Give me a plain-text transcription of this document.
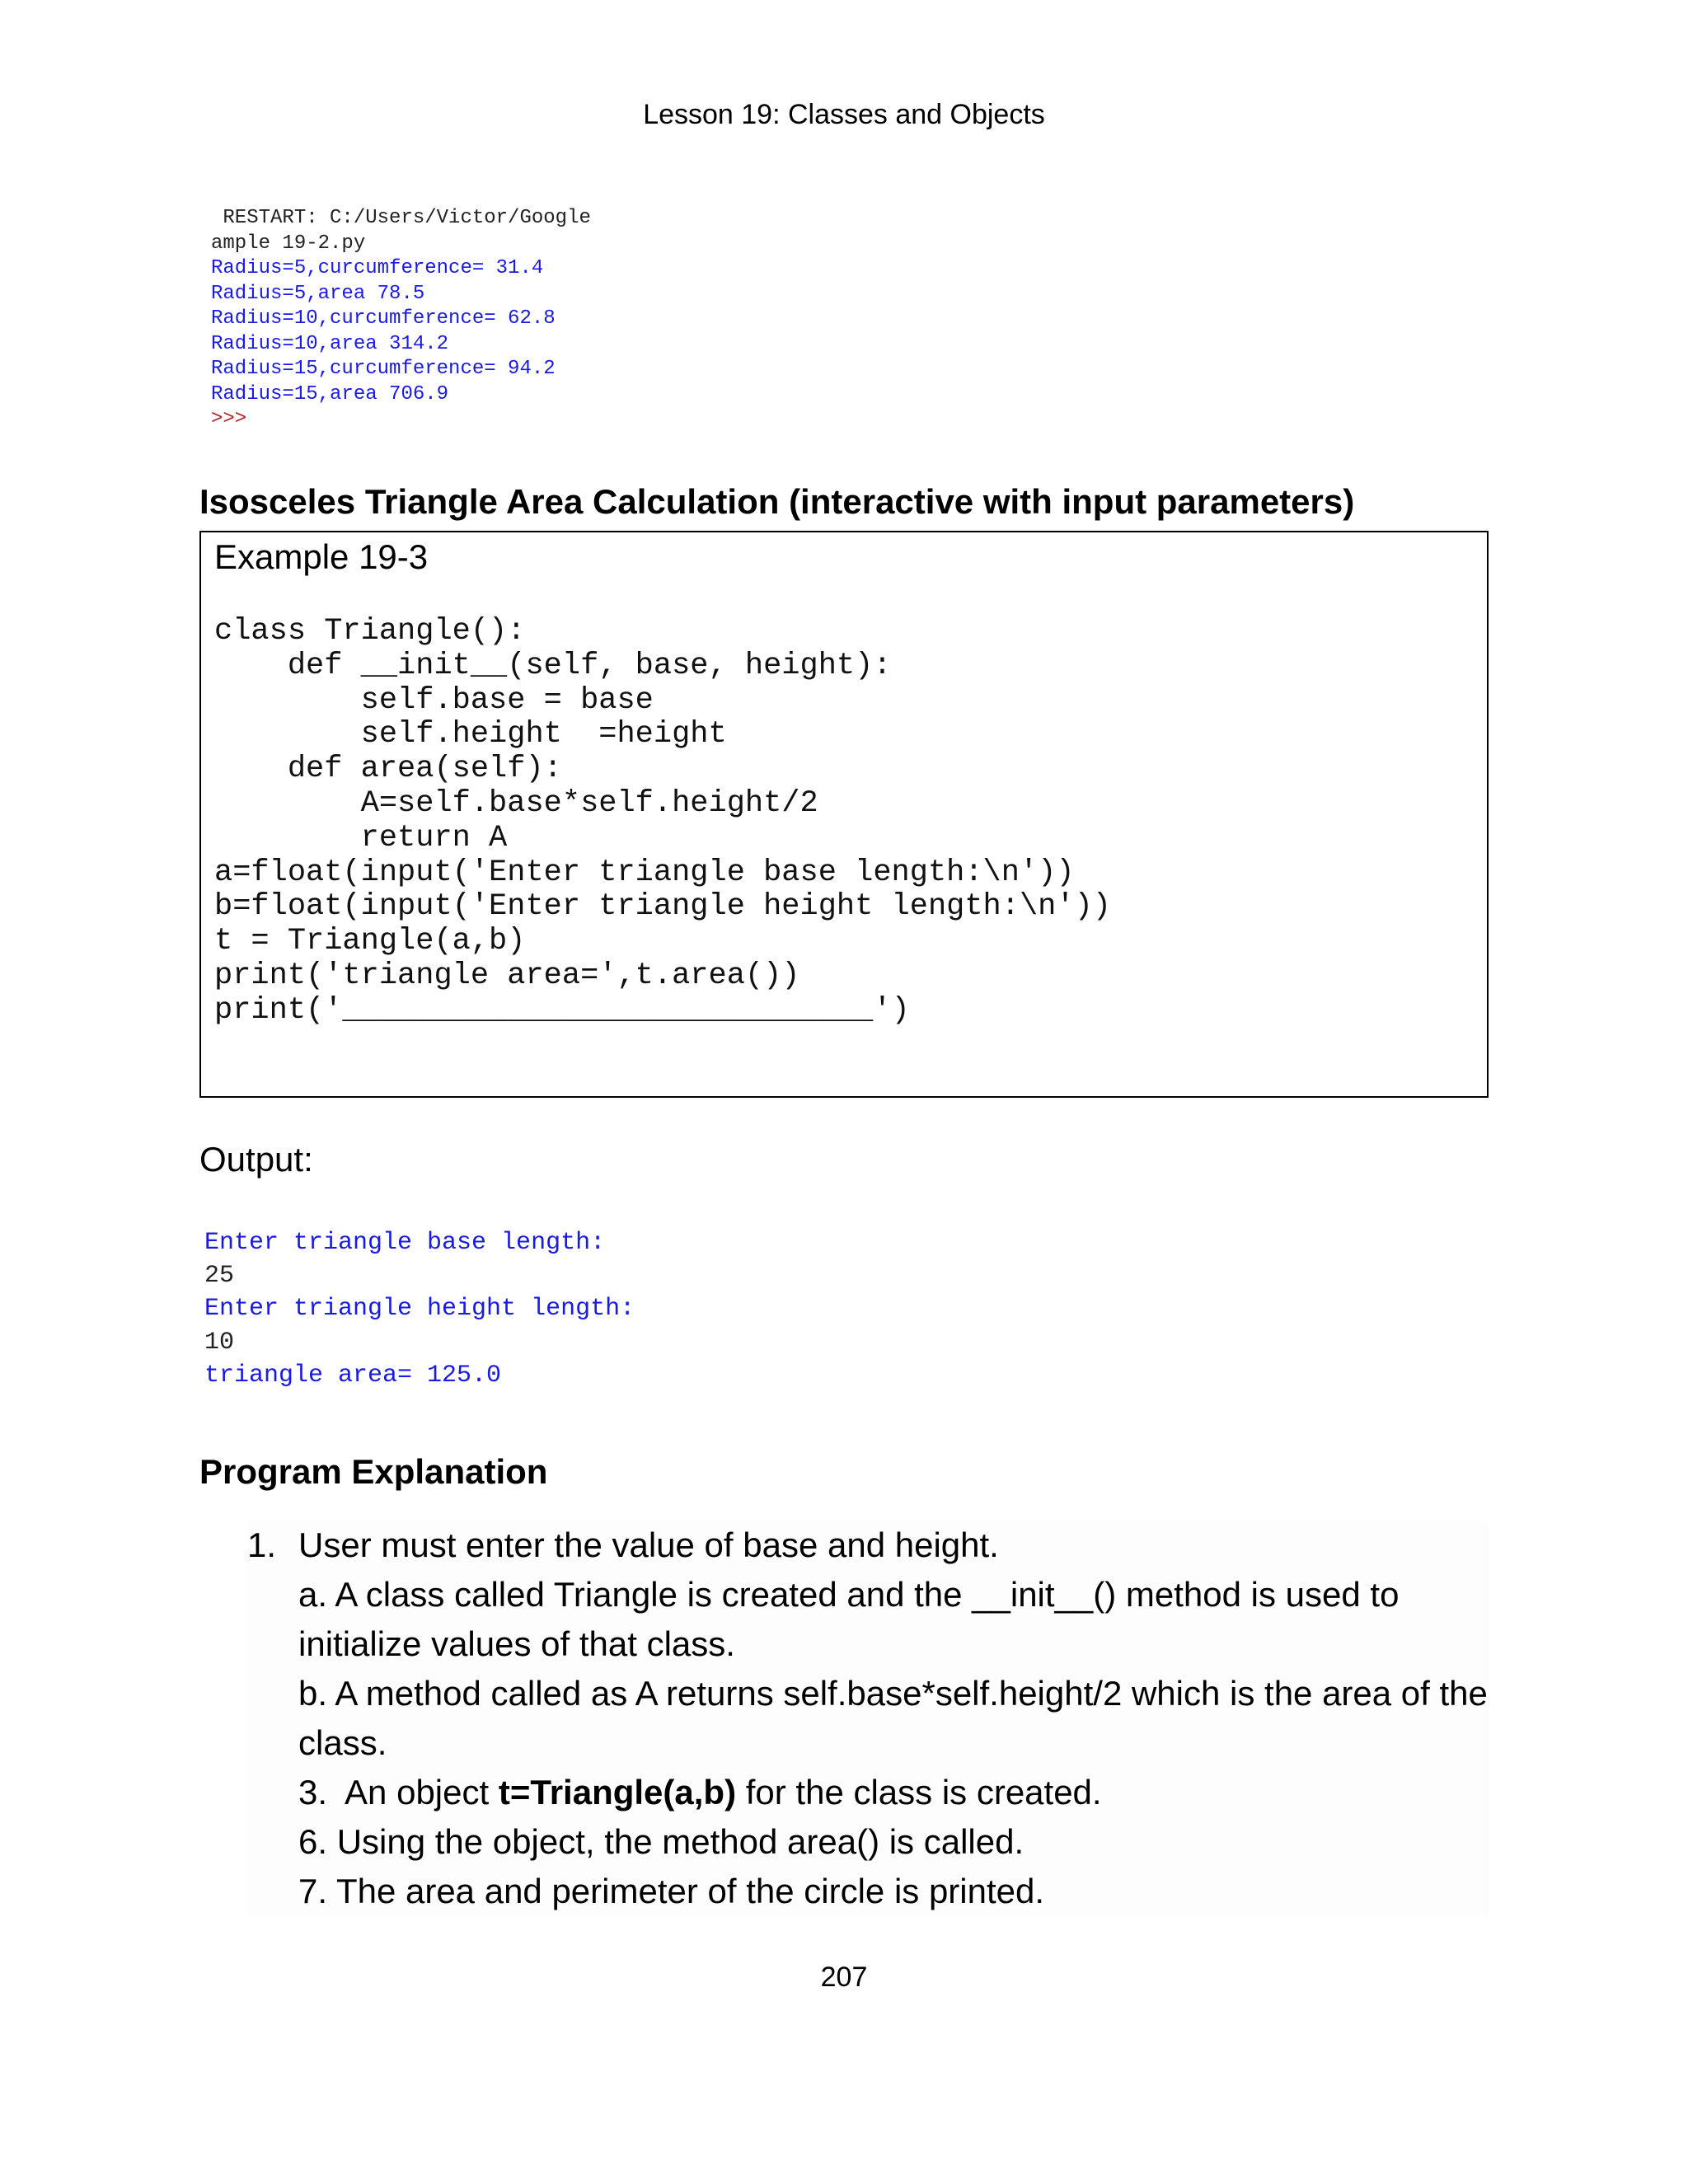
Lesson 19: Classes and Objects
RESTART: C:/Users/Victor/Google
ample 19-2.py
Radius=5,curcumference= 31.4
Radius=5,area 78.5
Radius=10,curcumference= 62.8
Radius=10,area 314.2
Radius=15,curcumference= 94.2
Radius=15,area 706.9
>>>
Isosceles Triangle Area Calculation (interactive with input parameters)
Example 19-3
class Triangle():
def __init__(self, base, height):
self.base = base
self.height  =height
def area(self):
A=self.base*self.height/2
return A
a=float(input('Enter triangle base length:\n'))
b=float(input('Enter triangle height length:\n'))
t = Triangle(a,b)
print('triangle area=',t.area())
print('_____________________________')
Output:
Enter triangle base length:
25
Enter triangle height length:
10
triangle area= 125.0
Program Explanation
1. User must enter the value of base and height.
a. A class called Triangle is created and the __init__() method is used to initialize values of that class.
b. A method called as A returns self.base*self.height/2 which is the area of the class.
3.  An object t=Triangle(a,b) for the class is created.
6. Using the object, the method area() is called.
7. The area and perimeter of the circle is printed.
207
